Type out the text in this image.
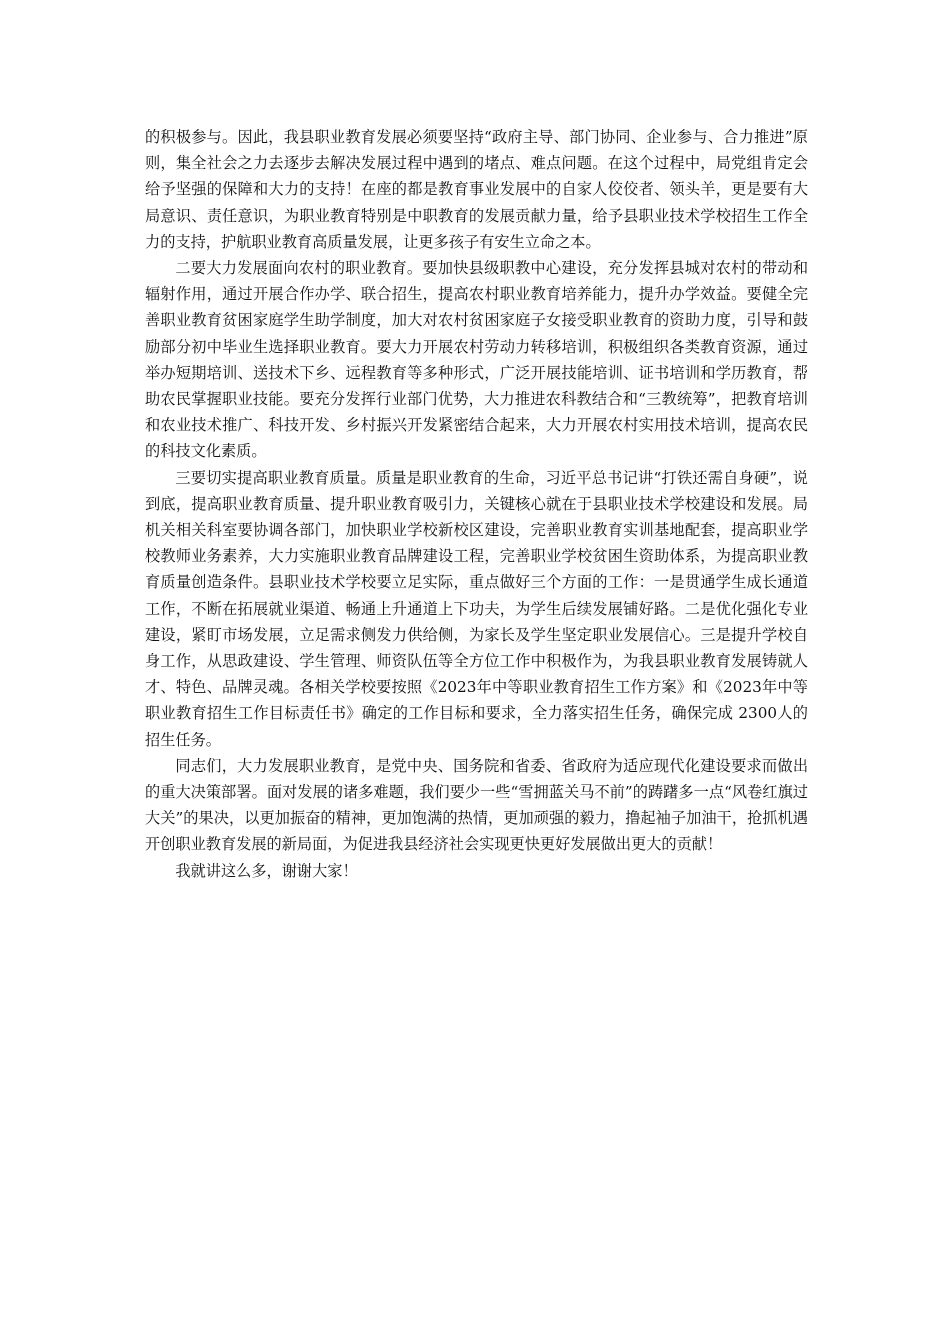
的积极参与。因此，我县职业教育发展必须要坚持“政府主导、部门协同、企业参与、合力推进”原则，集全社会之力去逐步去解决发展过程中遇到的堵点、难点问题。在这个过程中，局党组肯定会给予坚强的保障和大力的支持！在座的都是教育事业发展中的自家人佼佼者、领头羊，更是要有大局意识、责任意识，为职业教育特别是中职教育的发展贡献力量，给予县职业技术学校招生工作全力的支持，护航职业教育高质量发展，让更多孩子有安生立命之本。

二要大力发展面向农村的职业教育。要加快县级职教中心建设，充分发挥县城对农村的带动和辐射作用，通过开展合作办学、联合招生，提高农村职业教育培养能力，提升办学效益。要健全完善职业教育贫困家庭学生助学制度，加大对农村贫困家庭子女接受职业教育的资助力度，引导和鼓励部分初中毕业生选择职业教育。要大力开展农村劳动力转移培训，积极组织各类教育资源，通过举办短期培训、送技术下乡、远程教育等多种形式，广泛开展技能培训、证书培训和学历教育，帮助农民掌握职业技能。要充分发挥行业部门优势，大力推进农科教结合和“三教统筹”，把教育培训和农业技术推广、科技开发、乡村振兴开发紧密结合起来，大力开展农村实用技术培训，提高农民的科技文化素质。

三要切实提高职业教育质量。质量是职业教育的生命，习近平总书记讲“打铁还需自身硬”，说到底，提高职业教育质量、提升职业教育吸引力，关键核心就在于县职业技术学校建设和发展。局机关相关科室要协调各部门，加快职业学校新校区建设，完善职业教育实训基地配套，提高职业学校教师业务素养，大力实施职业教育品牌建设工程，完善职业学校贫困生资助体系，为提高职业教育质量创造条件。县职业技术学校要立足实际，重点做好三个方面的工作：一是贯通学生成长通道工作，不断在拓展就业渠道、畅通上升通道上下功夫，为学生后续发展铺好路。二是优化强化专业建设，紧盯市场发展，立足需求侧发力供给侧，为家长及学生坚定职业发展信心。三是提升学校自身工作，从思政建设、学生管理、师资队伍等全方位工作中积极作为，为我县职业教育发展铸就人才、特色、品牌灵魂。各相关学校要按照《2023年中等职业教育招生工作方案》和《2023年中等职业教育招生工作目标责任书》确定的工作目标和要求，全力落实招生任务，确保完成 2300人的招生任务。

同志们，大力发展职业教育，是党中央、国务院和省委、省政府为适应现代化建设要求而做出的重大决策部署。面对发展的诸多难题，我们要少一些“雪拥蓝关马不前”的踌躇多一点“风卷红旗过大关”的果决，以更加振奋的精神，更加饱满的热情，更加顽强的毅力，撸起袖子加油干，抢抓机遇开创职业教育发展的新局面，为促进我县经济社会实现更快更好发展做出更大的贡献！

我就讲这么多，谢谢大家！
